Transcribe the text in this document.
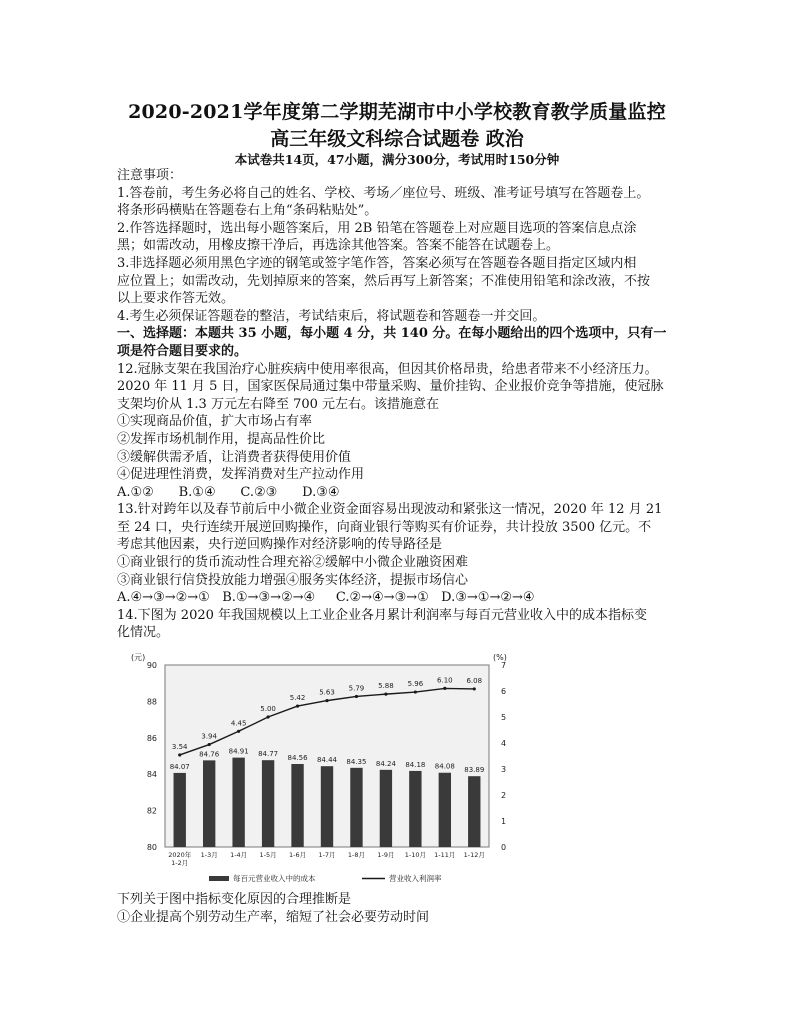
2020-2021学年度第二学期芜湖市中小学校教育教学质量监控
高三年级文科综合试题卷 政治
本试卷共14页，47小题，满分300分，考试用时150分钟

注意事项：

1.答卷前，考生务必将自己的姓名、学校、考场／座位号、班级、准考证号填写在答题卷上。

将条形码横贴在答题卷右上角“条码粘贴处”。

2.作答选择题时，选出每小题答案后，用 2B 铅笔在答题卷上对应题目选项的答案信息点涂

黑；如需改动，用橡皮擦干净后，再选涂其他答案。答案不能答在试题卷上。

3.非选择题必须用黑色字迹的钢笔或签字笔作答，答案必须写在答题卷各题目指定区域内相

应位置上；如需改动，先划掉原来的答案，然后再写上新答案；不准使用铅笔和涂改液，不按

以上要求作答无效。

4.考生必须保证答题卷的整洁，考试结束后，将试题卷和答题卷一并交回。

一、选择题：本题共 35 小题，每小题 4 分，共 140 分。在每小题给出的四个选项中，只有一

项是符合题目要求的。

12.冠脉支架在我国治疗心脏疾病中使用率很高，但因其价格昂贵，给患者带来不小经济压力。

2020 年 11 月 5 日，国家医保局通过集中带量采购、量价挂钩、企业报价竞争等措施，使冠脉

支架均价从 1.3 万元左右降至 700 元左右。该措施意在

①实现商品价值，扩大市场占有率

②发挥市场机制作用，提高品性价比

③缓解供需矛盾，让消费者获得使用价值

④促进理性消费，发挥消费对生产拉动作用

A.①②      B.①④      C.②③      D.③④

13.针对跨年以及春节前后中小微企业资金面容易出现波动和紧张这一情况，2020 年 12 月 21

至 24 口，央行连续开展逆回购操作，向商业银行等购买有价证券，共计投放 3500 亿元。不

考虑其他因素，央行逆回购操作对经济影响的传导路径是

①商业银行的货币流动性合理充裕②缓解中小微企业融资困难

③商业银行信贷投放能力增强④服务实体经济，提振市场信心

A.④→③→②→①   B.①→③→②→④     C.②→④→③→①   D.③→①→②→④

14.下图为 2020 年我国规模以上工业企业各月累计利润率与每百元营业收入中的成本指标变

化情况。

(元)	(%)
80
82
84
86
88
90
0
1
2
3
4
5
6
7
84.07
84.76 84.91 84.77 84.56 84.44 84.35 84.24 84.18 84.08 83.89
3.54
3.94
4.45
5.00
5.42
5.63
5.79 5.88 5.96 6.10 6.08
2020年
1-2月
1-3月 1-4月 1-5月 1-6月 1-7月 1-8月 1-9月 1-10月 1-11月 1-12月
每百元营业收入中的成本	营业收入利润率

下列关于图中指标变化原因的合理推断是

①企业提高个别劳动生产率，缩短了社会必要劳动时间
